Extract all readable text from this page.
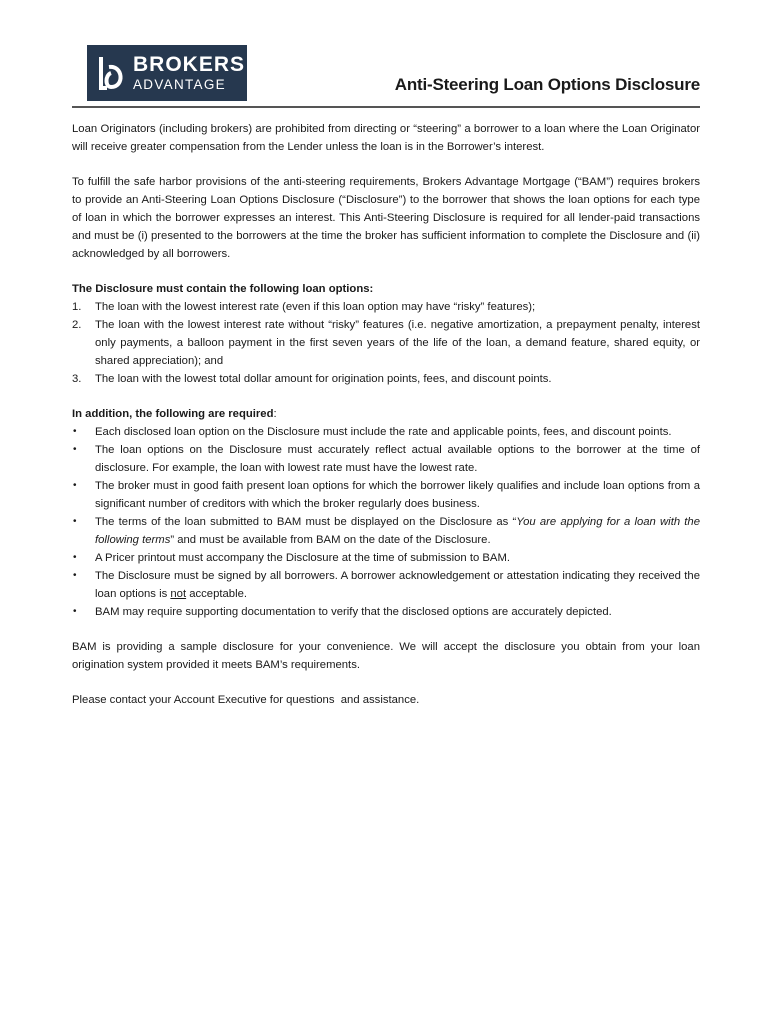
BROKERS
ADVANTAGE	Anti-Steering Loan Options Disclosure

Loan Originators (including brokers) are prohibited from directing or “steering” a borrower to a loan where the Loan Originator will receive greater compensation from the Lender unless the loan is in the Borrower’s interest.

To fulfill the safe harbor provisions of the anti-steering requirements, Brokers Advantage Mortgage (“BAM”) requires brokers to provide an Anti-Steering Loan Options Disclosure (“Disclosure”) to the borrower that shows the loan options for each type of loan in which the borrower expresses an interest. This Anti-Steering Disclosure is required for all lender-paid transactions and must be (i) presented to the borrowers at the time the broker has sufficient information to complete the Disclosure and (ii) acknowledged by all borrowers.

The Disclosure must contain the following loan options:

1. The loan with the lowest interest rate (even if this loan option may have “risky” features);
2. The loan with the lowest interest rate without “risky” features (i.e. negative amortization, a prepayment penalty, interest only payments, a balloon payment in the first seven years of the life of the loan, a demand feature, shared equity, or shared appreciation); and
3. The loan with the lowest total dollar amount for origination points, fees, and discount points.

In addition, the following are required:

• Each disclosed loan option on the Disclosure must include the rate and applicable points, fees, and discount points.
• The loan options on the Disclosure must accurately reflect actual available options to the borrower at the time of disclosure. For example, the loan with lowest rate must have the lowest rate.
• The broker must in good faith present loan options for which the borrower likely qualifies and include loan options from a significant number of creditors with which the broker regularly does business.
• The terms of the loan submitted to BAM must be displayed on the Disclosure as “You are applying for a loan with the following terms” and must be available from BAM on the date of the Disclosure.
• A Pricer printout must accompany the Disclosure at the time of submission to BAM.
• The Disclosure must be signed by all borrowers. A borrower acknowledgement or attestation indicating they received the loan options is not acceptable.
• BAM may require supporting documentation to verify that the disclosed options are accurately depicted.

BAM is providing a sample disclosure for your convenience. We will accept the disclosure you obtain from your loan origination system provided it meets BAM’s requirements.

Please contact your Account Executive for questions  and assistance.
